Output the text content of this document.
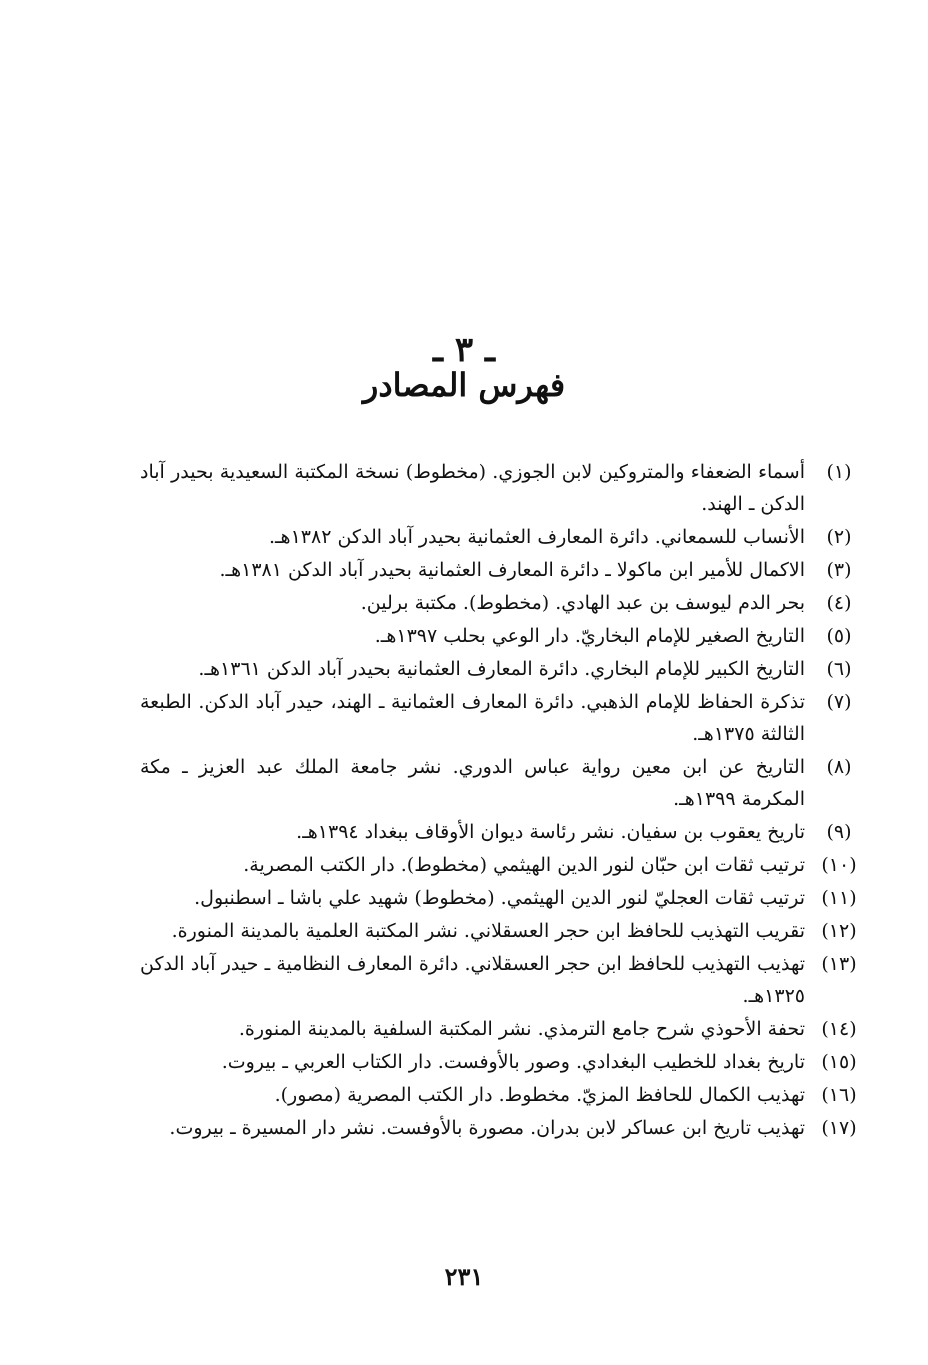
ـ ٣ ـ
فهرس المصادر
(١)
أسماء الضعفاء والمتروكين لابن الجوزي. (مخطوط) نسخة المكتبة السعيدية بحيدر آباد الدكن ـ الهند.
(٢)
الأنساب للسمعاني. دائرة المعارف العثمانية بحيدر آباد الدكن ١٣٨٢هـ.
(٣)
الاكمال للأمير ابن ماكولا ـ دائرة المعارف العثمانية بحيدر آباد الدكن ١٣٨١هـ.
(٤)
بحر الدم ليوسف بن عبد الهادي. (مخطوط). مكتبة برلين.
(٥)
التاريخ الصغير للإمام البخاريّ. دار الوعي بحلب ١٣٩٧هـ.
(٦)
التاريخ الكبير للإمام البخاري. دائرة المعارف العثمانية بحيدر آباد الدكن ١٣٦١هـ.
(٧)
تذكرة الحفاظ للإمام الذهبي. دائرة المعارف العثمانية ـ الهند، حيدر آباد الدكن. الطبعة الثالثة ١٣٧٥هـ.
(٨)
التاريخ عن ابن معين رواية عباس الدوري. نشر جامعة الملك عبد العزيز ـ مكة المكرمة ١٣٩٩هـ.
(٩)
تاريخ يعقوب بن سفيان. نشر رئاسة ديوان الأوقاف ببغداد ١٣٩٤هـ.
(١٠)
ترتيب ثقات ابن حبّان لنور الدين الهيثمي (مخطوط). دار الكتب المصرية.
(١١)
ترتيب ثقات العجليّ لنور الدين الهيثمي. (مخطوط) شهيد علي باشا ـ اسطنبول.
(١٢)
تقريب التهذيب للحافظ ابن حجر العسقلاني. نشر المكتبة العلمية بالمدينة المنورة.
(١٣)
تهذيب التهذيب للحافظ ابن حجر العسقلاني. دائرة المعارف النظامية ـ حيدر آباد الدكن ١٣٢٥هـ.
(١٤)
تحفة الأحوذي شرح جامع الترمذي. نشر المكتبة السلفية بالمدينة المنورة.
(١٥)
تاريخ بغداد للخطيب البغدادي. وصور بالأوفست. دار الكتاب العربي ـ بيروت.
(١٦)
تهذيب الكمال للحافظ المزيّ. مخطوط. دار الكتب المصرية (مصور).
(١٧)
تهذيب تاريخ ابن عساكر لابن بدران. مصورة بالأوفست. نشر دار المسيرة ـ بيروت.
٢٣١
